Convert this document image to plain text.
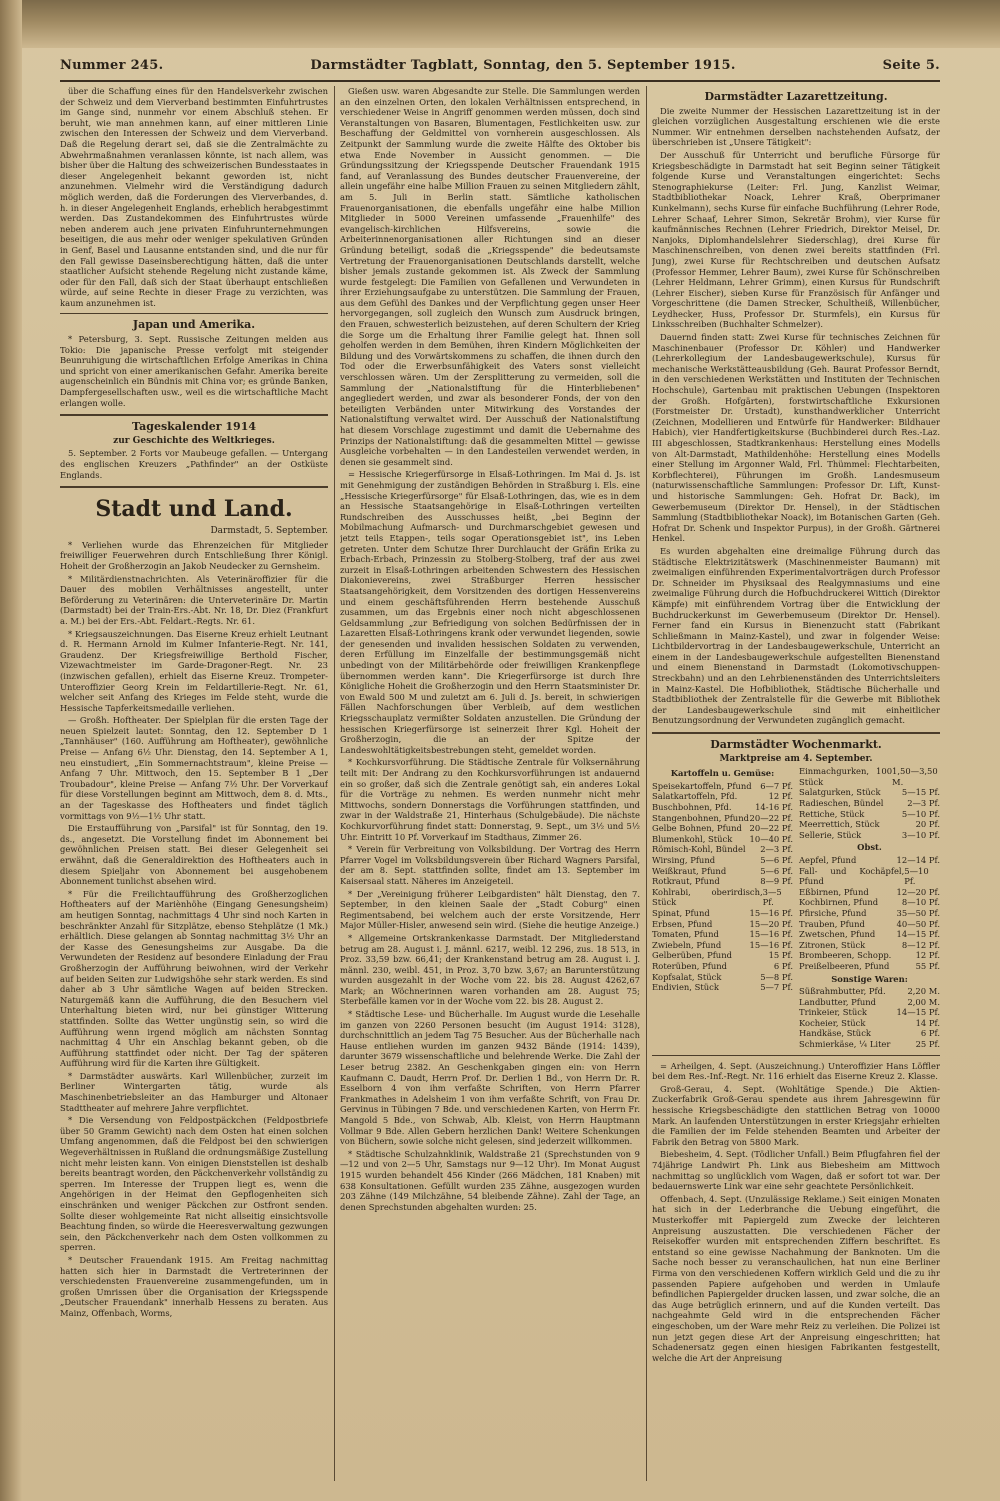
Nummer 245.	Darmstädter Tagblatt, Sonntag, den 5. September 1915.	Seite 5.

über die Schaffung eines für den Handelsverkehr zwischen der Schweiz und dem Vierverband bestimmten Einfuhrtrustes im Gange sind, nunmehr vor einem Abschluß stehen. Er beruht, wie man annehmen kann, auf einer mittleren Linie zwischen den Interessen der Schweiz und dem Vierverband. Daß die Regelung derart sei, daß sie die Zentralmächte zu Abwehrmaßnahmen veranlassen könnte, ist nach allem, was bisher über die Haltung des schweizerischen Bundesstaates in dieser Angelegenheit bekannt geworden ist, nicht anzunehmen. Vielmehr wird die Verständigung dadurch möglich werden, daß die Forderungen des Vierverbandes, d. h. in dieser Angelegenheit Englands, erheblich herabgestimmt werden. Das Zustandekommen des Einfuhrtrustes würde neben anderem auch jene privaten Einfuhrunternehmungen beseitigen, die aus mehr oder weniger spekulativen Gründen in Genf, Basel und Lausanne entstanden sind, und die nur für den Fall gewisse Daseinsberechtigung hätten, daß die unter staatlicher Aufsicht stehende Regelung nicht zustande käme, oder für den Fall, daß sich der Staat überhaupt entschließen würde, auf seine Rechte in dieser Frage zu verzichten, was kaum anzunehmen ist.

Japan und Amerika.

* Petersburg, 3. Sept. Russische Zeitungen melden aus Tokio: Die japanische Presse verfolgt mit steigender Beunruhigung die wirtschaftlichen Erfolge Amerikas in China und spricht von einer amerikanischen Gefahr. Amerika bereite augenscheinlich ein Bündnis mit China vor; es gründe Banken, Dampfergesellschaften usw., weil es die wirtschaftliche Macht erlangen wolle.

Tageskalender 1914
zur Geschichte des Weltkrieges.

5. September. 2 Forts vor Maubeuge gefallen. — Untergang des englischen Kreuzers „Pathfinder" an der Ostküste Englands.

Stadt und Land.
Darmstadt, 5. September.

* Verliehen wurde das Ehrenzeichen für Mitglieder freiwilliger Feuerwehren durch Entschließung Ihrer Königl. Hoheit der Großherzogin an Jakob Neudecker zu Gernsheim.

* Militärdienstnachrichten. Als Veterinäroffizier für die Dauer des mobilen Verhältnisses angestellt, unter Beförderung zu Veterinären: die Unterveterinäre Dr. Martin (Darmstadt) bei der Train-Ers.-Abt. Nr. 18, Dr. Diez (Frankfurt a. M.) bei der Ers.-Abt. Feldart.-Regts. Nr. 61.

* Kriegsauszeichnungen. Das Eiserne Kreuz erhielt Leutnant d. R. Hermann Arnold im Kulmer Infanterie-Regt. Nr. 141, Graudenz. Der Kriegsfreiwillige Berthold Fischer, Vizewachtmeister im Garde-Dragoner-Regt. Nr. 23 (inzwischen gefallen), erhielt das Eiserne Kreuz. Trompeter-Unteroffizier Georg Krein im Feldartillerie-Regt. Nr. 61, welcher seit Anfang des Krieges im Felde steht, wurde die Hessische Tapferkeitsmedaille verliehen.

— Großh. Hoftheater. Der Spielplan für die ersten Tage der neuen Spielzeit lautet: Sonntag, den 12. September D 1 „Tannhäuser" (160. Aufführung am Hoftheater), gewöhnliche Preise — Anfang 6½ Uhr. Dienstag, den 14. September A 1, neu einstudiert, „Ein Sommernachtstraum", kleine Preise — Anfang 7 Uhr. Mittwoch, den 15. September B 1 „Der Troubadour", kleine Preise — Anfang 7½ Uhr. Der Vorverkauf für diese Vorstellungen beginnt am Mittwoch, dem 8. d. Mts., an der Tageskasse des Hoftheaters und findet täglich vormittags von 9½—1½ Uhr statt.

Die Erstaufführung von „Parsifal" ist für Sonntag, den 19. ds., angesetzt. Die Vorstellung findet im Abonnement bei gewöhnlichen Preisen statt. Bei dieser Gelegenheit sei erwähnt, daß die Generaldirektion des Hoftheaters auch in diesem Spieljahr von Abonnement bei ausgehobenem Abonnement tunlichst absehen wird.

* Für die Freilichtaufführung des Großherzoglichen Hoftheaters auf der Mariènhöhe (Eingang Genesungsheim) am heutigen Sonntag, nachmittags 4 Uhr sind noch Karten in beschränkter Anzahl für Sitzplätze, ebenso Stehplätze (1 Mk.) erhältlich. Diese gelangen ab Sonntag nachmittag 3½ Uhr an der Kasse des Genesungsheims zur Ausgabe. Da die Verwundeten der Residenz auf besondere Einladung der Frau Großherzogin der Aufführung beiwohnen, wird der Verkehr auf beiden Seiten zur Ludwigshöhe sehr stark werden. Es sind daher ab 3 Uhr sämtliche Wagen auf beiden Strecken. Naturgemäß kann die Aufführung, die den Besuchern viel Unterhaltung bieten wird, nur bei günstiger Witterung stattfinden. Sollte das Wetter ungünstig sein, so wird die Aufführung wenn irgend möglich am nächsten Sonntag nachmittag 4 Uhr ein Anschlag bekannt geben, ob die Aufführung stattfindet oder nicht. Der Tag der späteren Aufführung wird für die Karten ihre Gültigkeit.

* Darmstädter auswärts. Karl Willenbücher, zurzeit im Berliner Wintergarten tätig, wurde als Maschinenbetriebsleiter an das Hamburger und Altonaer Stadttheater auf mehrere Jahre verpflichtet.

* Die Versendung von Feldpostpäckchen (Feldpostbriefe über 50 Gramm Gewicht) nach dem Osten hat einen solchen Umfang angenommen, daß die Feldpost bei den schwierigen Wegeverhältnissen in Rußland die ordnungsmäßige Zustellung nicht mehr leisten kann. Von einigen Dienststellen ist deshalb bereits beantragt worden, den Päckchenverkehr vollständig zu sperren. Im Interesse der Truppen liegt es, wenn die Angehörigen in der Heimat den Gepflogenheiten sich einschränken und weniger Päckchen zur Ostfront senden. Sollte dieser wohlgemeinte Rat nicht allseitig einsichtsvolle Beachtung finden, so würde die Heeresverwaltung gezwungen sein, den Päckchenverkehr nach dem Osten vollkommen zu sperren.

* Deutscher Frauendank 1915. Am Freitag nachmittag hatten sich hier in Darmstadt die Vertreterinnen der verschiedensten Frauenvereine zusammengefunden, um in großen Umrissen über die Organisation der Kriegsspende „Deutscher Frauendank" innerhalb Hessens zu beraten. Aus Mainz, Offenbach, Worms,

Gießen usw. waren Abgesandte zur Stelle. Die Sammlungen werden an den einzelnen Orten, den lokalen Verhältnissen entsprechend, in verschiedener Weise in Angriff genommen werden müssen, doch sind Veranstaltungen von Basaren, Blumentagen, Festlichkeiten usw. zur Beschaffung der Geldmittel von vornherein ausgeschlossen. Als Zeitpunkt der Sammlung wurde die zweite Hälfte des Oktober bis etwa Ende November in Aussicht genommen. — Die Gründungssitzung der Kriegsspende Deutscher Frauendank 1915 fand, auf Veranlassung des Bundes deutscher Frauenvereine, der allein ungefähr eine halbe Million Frauen zu seinen Mitgliedern zählt, am 5. Juli in Berlin statt. Sämtliche katholischen Frauenorganisationen, die ebenfalls ungefähr eine halbe Million Mitglieder in 5000 Vereinen umfassende „Frauenhilfe" des evangelisch-kirchlichen Hilfsvereins, sowie die Arbeiterinnenorganisationen aller Richtungen sind an dieser Gründung beteiligt, sodaß die „Kriegsspende" die bedeutsamste Vertretung der Frauenorganisationen Deutschlands darstellt, welche bisher jemals zustande gekommen ist. Als Zweck der Sammlung wurde festgelegt: Die Familien von Gefallenen und Verwundeten in ihrer Erziehungsaufgabe zu unterstützen. Die Sammlung der Frauen, aus dem Gefühl des Dankes und der Verpflichtung gegen unser Heer hervorgegangen, soll zugleich den Wunsch zum Ausdruck bringen, den Frauen, schwesterlich beizustehen, auf deren Schultern der Krieg die Sorge um die Erhaltung ihrer Familie gelegt hat. Ihnen soll geholfen werden in dem Bemühen, ihren Kindern Möglichkeiten der Bildung und des Vorwärtskommens zu schaffen, die ihnen durch den Tod oder die Erwerbsunfähigkeit des Vaters sonst vielleicht verschlossen wären. Um der Zersplitterung zu vermeiden, soll die Sammlung der „Nationalstiftung für die Hinterbliebenen" angegliedert werden, und zwar als besonderer Fonds, der von den beteiligten Verbänden unter Mitwirkung des Vorstandes der Nationalstiftung verwaltet wird. Der Ausschuß der Nationalstiftung hat diesem Vorschlage zugestimmt und damit die Uebernahme des Prinzips der Nationalstiftung: daß die gesammelten Mittel — gewisse Ausgleiche vorbehalten — in den Landesteilen verwendet werden, in denen sie gesammelt sind.

= Hessische Kriegerfürsorge in Elsaß-Lothringen. Im Mai d. Js. ist mit Genehmigung der zuständigen Behörden in Straßburg i. Els. eine „Hessische Kriegerfürsorge" für Elsaß-Lothringen, das, wie es in dem an Hessische Staatsangehörige in Elsaß-Lothringen verteilten Rundschreiben des Ausschusses heißt, „bei Beginn der Mobilmachung Aufmarsch- und Durchmarschgebiet gewesen und jetzt teils Etappen-, teils sogar Operationsgebiet ist", ins Leben getreten. Unter dem Schutze Ihrer Durchlaucht der Gräfin Erika zu Erbach-Erbach, Prinzessin zu Stolberg-Stolberg, traf der aus zwei zurzeit in Elsaß-Lothringen arbeitenden Schwestern des Hessischen Diakonievereins, zwei Straßburger Herren hessischer Staatsangehörigkeit, dem Vorsitzenden des dortigen Hessenvereins und einem geschäftsführenden Herrn bestehende Ausschuß zusammen, um das Ergebnis einer noch nicht abgeschlossenen Geldsammlung „zur Befriedigung von solchen Bedürfnissen der in Lazaretten Elsaß-Lothringens krank oder verwundet liegenden, sowie der genesenden und invaliden hessischen Soldaten zu verwenden, deren Erfüllung im Einzelfalle der bestimmungsgemäß nicht unbedingt von der Militärbehörde oder freiwilligen Krankenpflege übernommen werden kann". Die Kriegerfürsorge ist durch Ihre Königliche Hoheit die Großherzogin und den Herrn Staatsminister Dr. von Ewald 500 M und zuletzt am 6. Juli d. Js. bereit, in schwierigen Fällen Nachforschungen über Verbleib, auf dem westlichen Kriegsschauplatz vermißter Soldaten anzustellen. Die Gründung der hessischen Kriegerfürsorge ist seinerzeit Ihrer Kgl. Hoheit der Großherzogin, die an der Spitze der Landeswohltätigkeitsbestrebungen steht, gemeldet worden.

* Kochkursvorführung. Die Städtische Zentrale für Volksernährung teilt mit: Der Andrang zu den Kochkursvorführungen ist andauernd ein so großer, daß sich die Zentrale genötigt sah, ein anderes Lokal für die Vorträge zu nehmen. Es werden nunmehr nicht mehr Mittwochs, sondern Donnerstags die Vorführungen stattfinden, und zwar in der Waldstraße 21, Hinterhaus (Schulgebäude). Die nächste Kochkurvorführung findet statt: Donnerstag, 9. Sept., um 3½ und 5½ Uhr. Eintritt 10 Pf. Vorverkauf im Stadthaus, Zimmer 26.

* Verein für Verbreitung von Volksbildung. Der Vortrag des Herrn Pfarrer Vogel im Volksbildungsverein über Richard Wagners Parsifal, der am 8. Sept. stattfinden sollte, findet am 13. September im Kaisersaal statt. Näheres im Anzeigeteil.

* Der „Vereinigung früherer Leibgardisten" hält Dienstag, den 7. September, in den kleinen Saale der „Stadt Coburg" einen Regimentsabend, bei welchem auch der erste Vorsitzende, Herr Major Müller-Hisler, anwesend sein wird. (Siehe die heutige Anzeige.)

* Allgemeine Ortskrankenkasse Darmstadt. Der Mitgliederstand betrug am 28. August i. J. männl. 6217, weibl. 12 296, zus. 18 513, in Proz. 33,59 bzw. 66,41; der Krankenstand betrug am 28. August i. J. männl. 230, weibl. 451, in Proz. 3,70 bzw. 3,67; an Barunterstützung wurden ausgezahlt in der Woche vom 22. bis 28. August 4262,67 Mark; an Wöchnerinnen waren vorhanden am 28. August 75; Sterbefälle kamen vor in der Woche vom 22. bis 28. August 2.

* Städtische Lese- und Bücherhalle. Im August wurde die Lesehalle im ganzen von 2260 Personen besucht (im August 1914: 3128), durchschnittlich an jedem Tag 75 Besucher. Aus der Bücherhalle nach Hause entliehen wurden im ganzen 9432 Bände (1914: 1439), darunter 3679 wissenschaftliche und belehrende Werke. Die Zahl der Leser betrug 2382. An Geschenkgaben gingen ein: von Herrn Kaufmann C. Daudt, Herrn Prof. Dr. Derlien 1 Bd., von Herrn Dr. R. Esselborn 4 von ihm verfaßte Schriften, von Herrn Pfarrer Frankmathes in Adelsheim 1 von ihm verfaßte Schrift, von Frau Dr. Gervinus in Tübingen 7 Bde. und verschiedenen Karten, von Herrn Fr. Mangold 5 Bde., von Schwab, Alb. Kleist, von Herrn Hauptmann Vollmar 9 Bde. Allen Gebern herzlichen Dank! Weitere Schenkungen von Büchern, sowie solche nicht gelesen, sind jederzeit willkommen.

* Städtische Schulzahnklinik, Waldstraße 21 (Sprechstunden von 9—12 und von 2—5 Uhr, Samstags nur 9—12 Uhr). Im Monat August 1915 wurden behandelt 456 Kinder (266 Mädchen, 181 Knaben) mit 638 Konsultationen. Gefüllt wurden 235 Zähne, ausgezogen wurden 203 Zähne (149 Milchzähne, 54 bleibende Zähne). Zahl der Tage, an denen Sprechstunden abgehalten wurden: 25.

Darmstädter Lazarettzeitung.

Die zweite Nummer der Hessischen Lazarettzeitung ist in der gleichen vorzüglichen Ausgestaltung erschienen wie die erste Nummer. Wir entnehmen derselben nachstehenden Aufsatz, der überschrieben ist „Unsere Tätigkeit":

Der Ausschuß für Unterricht und berufliche Fürsorge für Kriegsbeschädigte in Darmstadt hat seit Beginn seiner Tätigkeit folgende Kurse und Veranstaltungen eingerichtet: Sechs Stenographiekurse (Leiter: Frl. Jung, Kanzlist Weimar, Stadtbibliothekar Noack, Lehrer Kraß, Oberprimaner Kunkelmann), sechs Kurse für einfache Buchführung (Lehrer Rode, Lehrer Schaaf, Lehrer Simon, Sekretär Brohm), vier Kurse für kaufmännisches Rechnen (Lehrer Friedrich, Direktor Meisel, Dr. Nanjoks, Diplomhandelslehrer Siederschlag), drei Kurse für Maschinenschreiben, von denen zwei bereits stattfinden (Frl. Jung), zwei Kurse für Rechtschreiben und deutschen Aufsatz (Professor Hemmer, Lehrer Baum), zwei Kurse für Schönschreiben (Lehrer Heldmann, Lehrer Grimm), einen Kursus für Rundschrift (Lehrer Eischer), sieben Kurse für Französisch für Anfänger und Vorgeschrittene (die Damen Strecker, Schultheiß, Willenbücher, Leydhecker, Huss, Professor Dr. Sturmfels), ein Kursus für Linksschreiben (Buchhalter Schmelzer).

Dauernd finden statt: Zwei Kurse für technisches Zeichnen für Maschinenbauer (Professor Dr. Köhler) und Handwerker (Lehrerkollegium der Landesbaugewerkschule), Kursus für mechanische Werkstätteausbildung (Geh. Baurat Professor Berndt, in den verschiedenen Werkstätten und Instituten der Technischen Hochschule), Gartenbau mit praktischen Uebungen (Inspektoren der Großh. Hofgärten), forstwirtschaftliche Exkursionen (Forstmeister Dr. Urstadt), kunsthandwerklicher Unterricht (Zeichnen, Modellieren und Entwürfe für Handwerker: Bildhauer Habich), vier Handfertigkeitskurse (Buchbinderei durch Res.-Laz. III abgeschlossen, Stadtkrankenhaus: Herstellung eines Modells von Alt-Darmstadt, Mathildenhöhe: Herstellung eines Modells einer Stellung im Argonner Wald, Frl. Thümmel: Flechtarbeiten, Korbflechterei), Führungen im Großh. Landesmuseum (naturwissenschaftliche Sammlungen: Professor Dr. Lift, Kunst- und historische Sammlungen: Geh. Hofrat Dr. Back), im Gewerbemuseum (Direktor Dr. Hensel), in der Städtischen Sammlung (Stadtbibliothekar Noack), im Botanischen Garten (Geh. Hofrat Dr. Schenk und Inspektor Purpus), in der Großh. Gärtnerei Henkel.

Es wurden abgehalten eine dreimalige Führung durch das Städtische Elektrizitätswerk (Maschinenmeister Baumann) mit zweimaligen einführenden Experimentalvorträgen durch Professor Dr. Schneider im Physiksaal des Realgymnasiums und eine zweimalige Führung durch die Hofbuchdruckerei Wittich (Direktor Kämpfe) mit einführendem Vortrag über die Entwicklung der Buchdruckerkunst im Gewerbemuseum (Direktor Dr. Hensel). Ferner fand ein Kursus in Bienenzucht statt (Fabrikant Schließmann in Mainz-Kastel), und zwar in folgender Weise: Lichtbildervortrag in der Landesbaugewerkschule, Unterricht an einem in der Landesbaugewerkschule aufgestellten Bienenstand und einem Bienenstand in Darmstadt (Lokomotivschuppen-Streckbahn) und an den Lehrbienenständen des Unterrichtsleiters in Mainz-Kastel. Die Hofbibliothek, Städtische Bücherhalle und Stadtbibliothek der Zentralstelle für die Gewerbe mit Bibliothek der Landesbaugewerkschule sind mit einheitlicher Benutzungsordnung der Verwundeten zugänglich gemacht.

Darmstädter Wochenmarkt.
Marktpreise am 4. September.
Kartoffeln u. Gemüse:
Speisekartoffeln, Pfund 6—7 Pf.
Salatkartoffeln, Pfd.	12 Pf.
Buschbohnen, Pfd.	14-16 Pf.
Stangenbohnen, Pfund 20—22 Pf.
Gelbe Bohnen, Pfund 20—22 Pf.
Blumenkohl, Stück 10—40 Pf.
Römisch-Kohl, Bündel 2—3 Pf.
Wirsing, Pfund	5—6 Pf.
Weißkraut, Pfund	5—6 Pf.
Rotkraut, Pfund	8—9 Pf.
Kohlrabi, oberirdisch, Stück
3—5 Pf.
Spinat, Pfund	15—16 Pf.
Erbsen, Pfund	15—20 Pf.
Tomaten, Pfund	15—16 Pf.
Zwiebeln, Pfund	15—16 Pf.
Gelberüben, Pfund	15 Pf.
Roterüben, Pfund	6 Pf.
Kopfsalat, Stück	5—8 Pf.
Endivien, Stück	5—7 Pf.
Einmachgurken, 100 Stück
1,50—3,50 M.
Salatgurken, Stück	5—15 Pf.
Radieschen, Bündel	2—3 Pf.
Rettiche, Stück	5—10 Pf.
Meerrettich, Stück	20 Pf.
Sellerie, Stück	3—10 Pf.
Obst.
Aepfel, Pfund	12—14 Pf.
Fall- und Kochäpfel, Pfund
5—10 Pf.
Eßbirnen, Pfund	12—20 Pf.
Kochbirnen, Pfund	8—10 Pf.
Pfirsiche, Pfund	35—50 Pf.
Trauben, Pfund	40—50 Pf.
Zwetschen, Pfund	14—15 Pf.
Zitronen, Stück	8—12 Pf.
Brombeeren, Schopp.	12 Pf.
Preißelbeeren, Pfund	55 Pf.
Sonstige Waren:
Süßrahmbutter, Pfd.	2,20 M.
Landbutter, Pfund	2,00 M.
Trinkeier, Stück	14—15 Pf.
Kocheier, Stück	14 Pf.
Handkäse, Stück	6 Pf.
Schmierkäse, ¼ Liter	25 Pf.

= Arheilgen, 4. Sept. (Auszeichnung.) Unteroffizier Hans Löffler bei dem Res.-Inf.-Regt. Nr. 116 erhielt das Eiserne Kreuz 2. Klasse.

Groß-Gerau, 4. Sept. (Wohltätige Spende.) Die Aktien-Zuckerfabrik Groß-Gerau spendete aus ihrem Jahresgewinn für hessische Kriegsbeschädigte den stattlichen Betrag von 10000 Mark. An laufenden Unterstützungen in erster Kriegsjahr erhielten die Familien der im Felde stehenden Beamten und Arbeiter der Fabrik den Betrag von 5800 Mark.

Biebesheim, 4. Sept. (Tödlicher Unfall.) Beim Pflugfahren fiel der 74jährige Landwirt Ph. Link aus Biebesheim am Mittwoch nachmittag so unglücklich vom Wagen, daß er sofort tot war. Der bedauernswerte Link war eine sehr geachtete Persönlichkeit.

Offenbach, 4. Sept. (Unzulässige Reklame.) Seit einigen Monaten hat sich in der Lederbranche die Uebung eingeführt, die Musterkoffer mit Papiergeld zum Zwecke der leichteren Anpreisung auszustatten. Die verschiedenen Fächer der Reisekoffer wurden mit entsprechenden Ziffern beschriftet. Es entstand so eine gewisse Nachahmung der Banknoten. Um die Sache noch besser zu veranschaulichen, hat nun eine Berliner Firma von den verschiedenen Koffern wirklich Geld und die zu ihr passenden Papiere aufgehoben und werden in Umlaufe befindlichen Papiergelder drucken lassen, und zwar solche, die an das Auge betrüglich erinnern, und auf die Kunden verteilt. Das nachgeahmte Geld wird in die entsprechenden Fächer eingeschoben, um der Ware mehr Reiz zu verleihen. Die Polizei ist nun jetzt gegen diese Art der Anpreisung eingeschritten; hat Schadenersatz gegen einen hiesigen Fabrikanten festgestellt, welche die Art der Anpreisung
